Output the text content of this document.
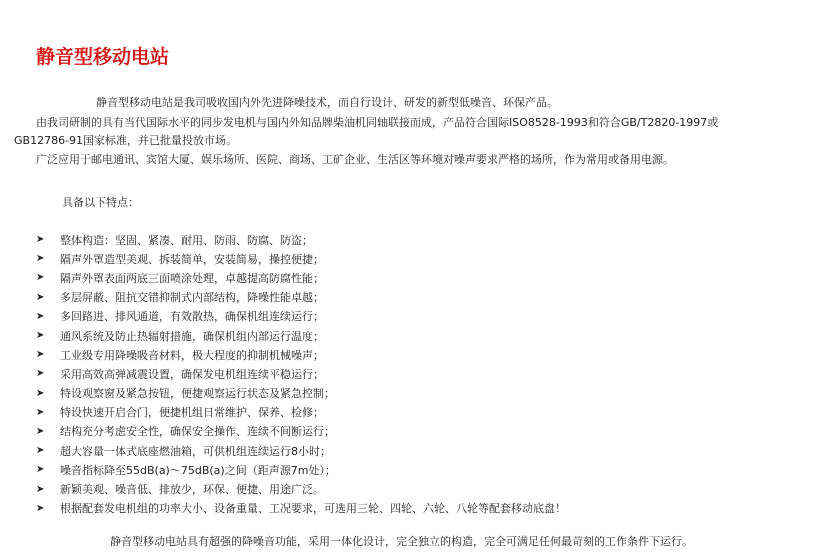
静音型移动电站
静音型移动电站是我司吸收国内外先进降噪技术，而自行设计、研发的新型低噪音、环保产品。
由我司研制的具有当代国际水平的同步发电机与国内外知品牌柴油机同轴联接而成，产品符合国际ISO8528-1993和符合GB/T2820-1997或
GB12786-91国家标准，并已批量投放市场。
广泛应用于邮电通讯、宾馆大厦、娱乐场所、医院、商场、工矿企业、生活区等环境对噪声要求严格的场所，作为常用或备用电源。
具备以下特点：
➤	整体构造：坚固、紧凑、耐用、防雨、防腐、防盗；
➤	隔声外罩造型美观、拆装简单，安装简易，操控便捷；
➤	隔声外罩表面两底三面喷涂处理，卓越提高防腐性能；
➤	多层屏蔽、阻抗交错抑制式内部结构，降噪性能卓越；
➤	多回路进、排风通道，有效散热，确保机组连续运行；
➤	通风系统及防止热辐射措施，确保机组内部运行温度；
➤	工业级专用降噪吸音材料，极大程度的抑制机械噪声；
➤	采用高效高弹减震设置，确保发电机组连续平稳运行；
➤	特设观察窗及紧急按钮，便捷观察运行状态及紧急控制；
➤	特设快速开启合门，便捷机组日常维护、保养、检修；
➤	结构充分考虑安全性，确保安全操作、连续不间断运行；
➤	超大容量一体式底座燃油箱，可供机组连续运行8小时；
➤	噪音指标降至55dB(a)～75dB(a)之间（距声源7m处）；
➤	新颖美观、噪音低、排放少，环保、便捷、用途广泛。
➤	根据配套发电机组的功率大小、设备重量、工况要求，可选用三轮、四轮、六轮、八轮等配套移动底盘！
静音型移动电站具有超强的降噪音功能，采用一体化设计，完全独立的构造，完全可满足任何最苛刻的工作条件下运行。
